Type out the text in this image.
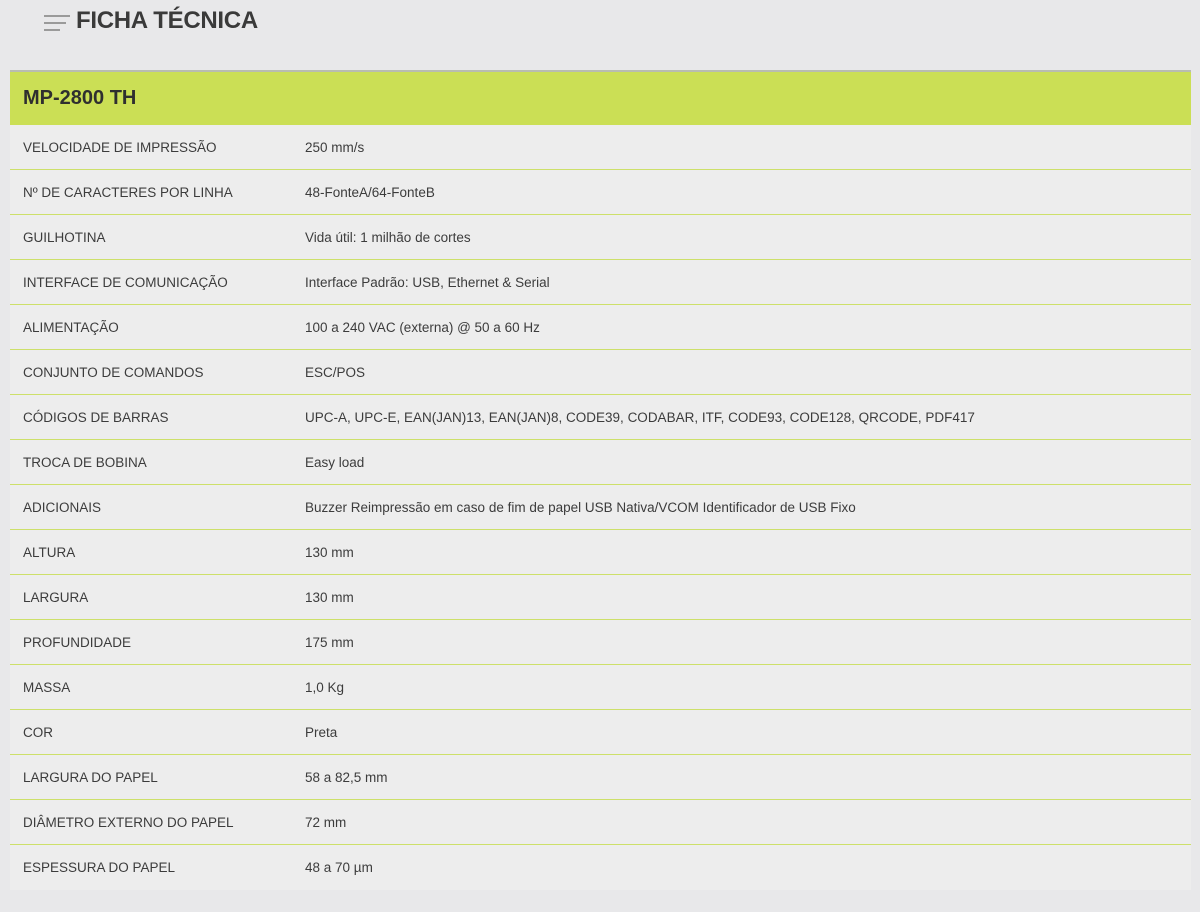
FICHA TÉCNICA
MP-2800 TH
VELOCIDADE DE IMPRESSÃO	250 mm/s
Nº DE CARACTERES POR LINHA	48-FonteA/64-FonteB
GUILHOTINA	Vida útil: 1 milhão de cortes
INTERFACE DE COMUNICAÇÃO	Interface Padrão: USB, Ethernet & Serial
ALIMENTAÇÃO	100 a 240 VAC (externa) @ 50 a 60 Hz
CONJUNTO DE COMANDOS	ESC/POS
CÓDIGOS DE BARRAS	UPC-A, UPC-E, EAN(JAN)13, EAN(JAN)8, CODE39, CODABAR, ITF, CODE93, CODE128, QRCODE, PDF417
TROCA DE BOBINA	Easy load
ADICIONAIS	Buzzer Reimpressão em caso de fim de papel USB Nativa/VCOM Identificador de USB Fixo
ALTURA	130 mm
LARGURA	130 mm
PROFUNDIDADE	175 mm
MASSA	1,0 Kg
COR	Preta
LARGURA DO PAPEL	58 a 82,5 mm
DIÂMETRO EXTERNO DO PAPEL	72 mm
ESPESSURA DO PAPEL	48 a 70 µm
